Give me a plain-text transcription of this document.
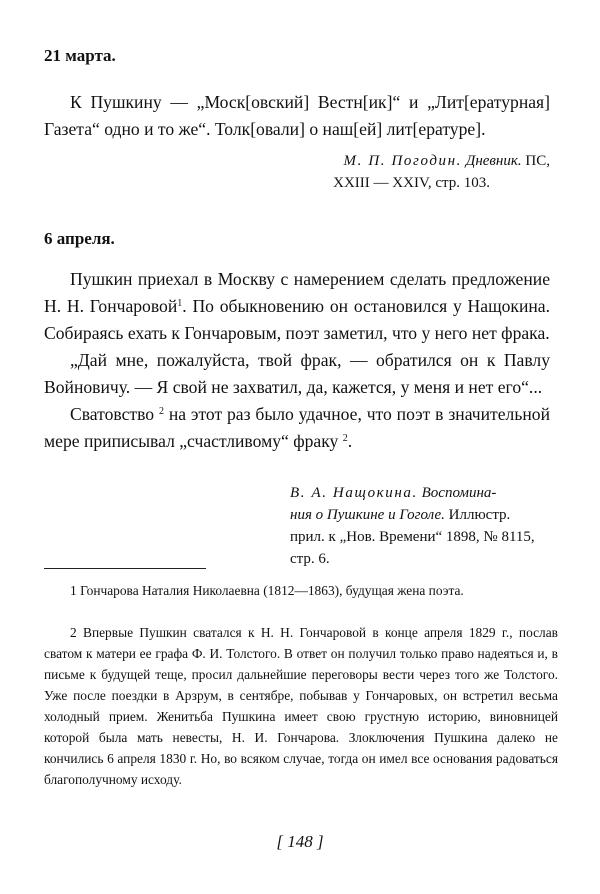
21 марта.

К Пушкину — „Моск[овский] Вестн[ик]“ и „Лит[ературная] Газета“ одно и то же“. Толк[овали] о наш[ей] лит[ературе].

М. П. Погодин. Дневник. ПС,
XXIII — XXIV, стр. 103.
6 апреля.

Пушкин приехал в Москву с намерением сделать предложение Н. Н. Гончаровой$^1$. По обыкновению он остановился у Нащокина. Собираясь ехать к Гончаровым, поэт заметил, что у него нет фрака.

„Дай мне, пожалуйста, твой фрак, — обратился он к Павлу Войновичу. — Я свой не захватил, да, кажется, у меня и нет его“...

Сватовство $^2$ на этот раз было удачное, что поэт в значительной мере приписывал „счастливому“ фраку $^2$.

В. А. Нащокина. Воспомина-
ния о Пушкине и Гоголе. Иллюстр.
прил. к „Нов. Времени“ 1898, № 8115,
стр. 6.

1 Гончарова Наталия Николаевна (1812—1863), будущая жена поэта.

2 Впервые Пушкин сватался к Н. Н. Гончаровой в конце апреля 1829 г., послав сватом к матери ее графа Ф. И. Толстого. В ответ он получил только право надеяться и, в письме к будущей теще, просил дальнейшие переговоры вести через того же Толстого. Уже после поездки в Арзрум, в сентябре, побывав у Гончаровых, он встретил весьма холодный прием. Женитьба Пушкина имеет свою грустную историю, виновницей которой была мать невесты, Н. И. Гончарова. Злоключения Пушкина далеко не кончились 6 апреля 1830 г. Но, во всяком случае, тогда он имел все основания радоваться благополучному исходу.

[ 148 ]
